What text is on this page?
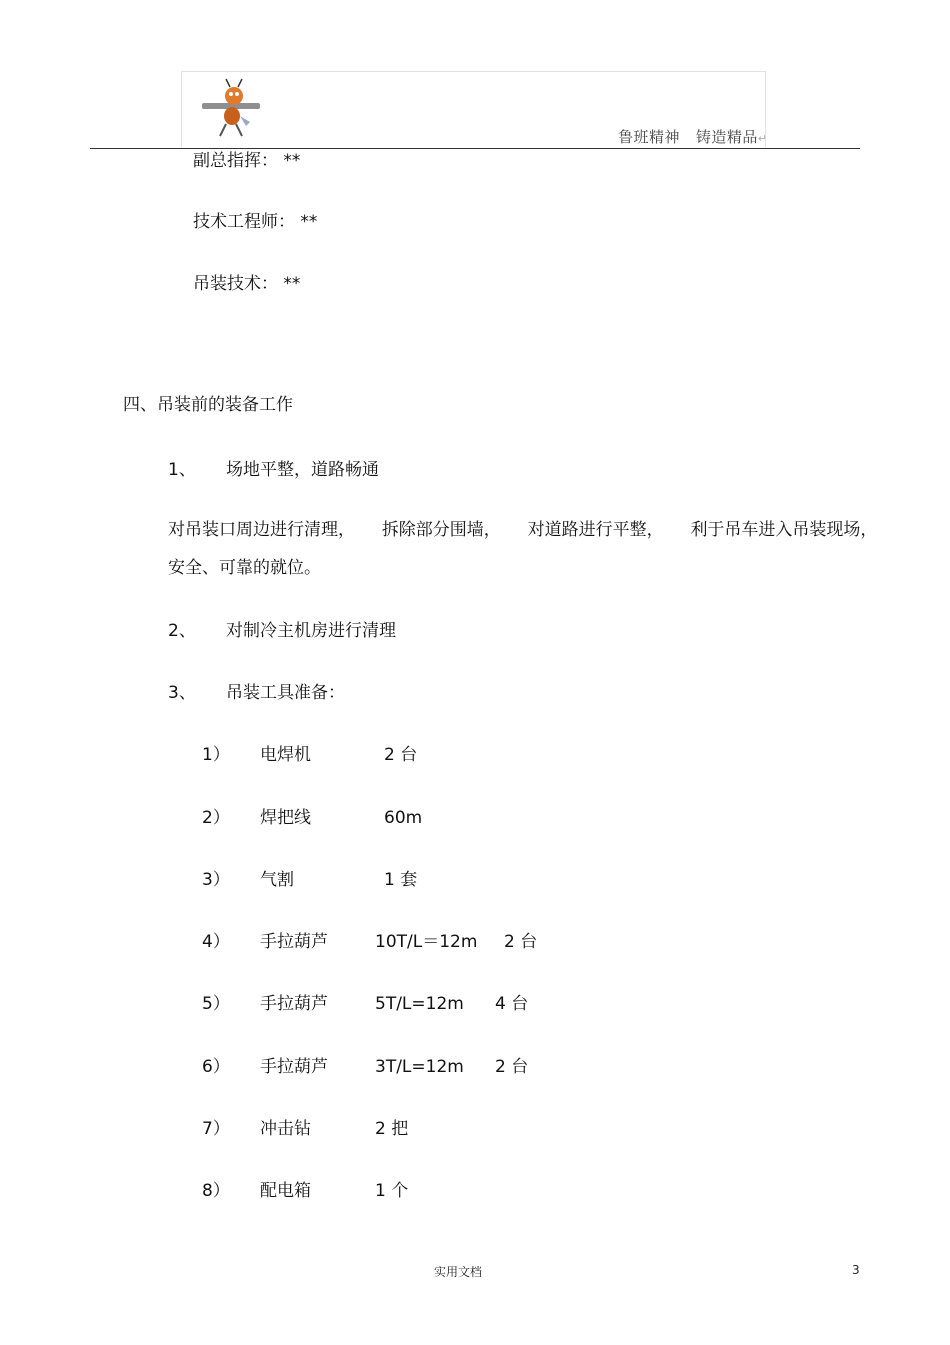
鲁班精神 铸造精品↵
副总指挥： **
技术工程师： **
吊装技术： **
四、吊装前的装备工作
1、 场地平整，道路畅通
对吊装口周边进行清理， 拆除部分围墙， 对道路进行平整， 利于吊车进入吊装现场，
安全、可靠的就位。
2、 对制冷主机房进行清理
3、 吊装工具准备：
1） 电焊机	2 台
2） 焊把线	60m
3） 气割	1 套
4） 手拉葫芦	10T/L＝12m 2 台
5） 手拉葫芦	5T/L=12m 4 台
6） 手拉葫芦	3T/L=12m 2 台
7） 冲击钻	2 把
8） 配电箱	1 个
实用文档	3
